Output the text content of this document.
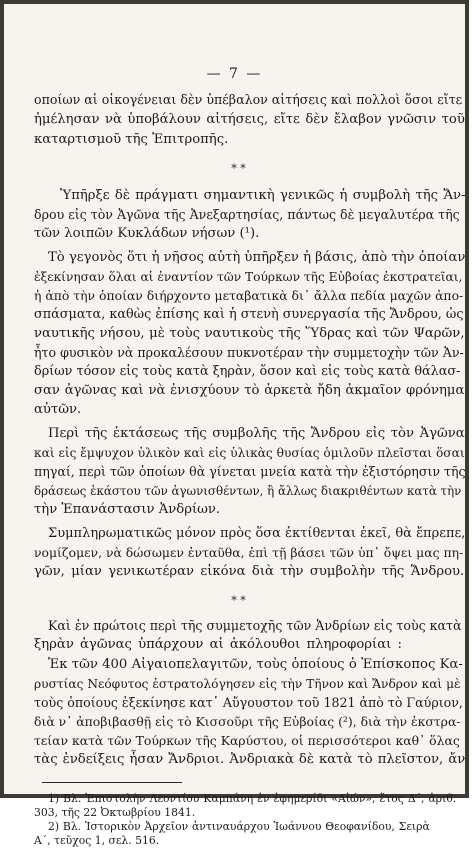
— 7 —
οποίων αἱ οἰκογένειαι δὲν ὑπέβαλον αἰτήσεις καὶ πολλοὶ ὅσοι εἴτε
ἠμέλησαν νὰ ὑποβάλουν αἰτήσεις, εἴτε δὲν ἔλαβον γνῶσιν τοῦ
καταρτισμοῦ τῆς Ἐπιτροπῆς.
* *
Ὑπῆρξε δὲ πράγματι σημαντικὴ γενικῶς ἡ συμβολὴ τῆς Ἄν-
δρου εἰς τὸν Ἀγῶνα τῆς Ἀνεξαρτησίας, πάντως δὲ μεγαλυτέρα τῆς
τῶν λοιπῶν Κυκλάδων νήσων (¹).
Τὸ γεγονὸς ὅτι ἡ νῆσος αὐτὴ ὑπῆρξεν ἡ βάσις, ἀπὸ τὴν ὁποίαν
ἐξεκίνησαν ὅλαι αἱ ἐναντίον τῶν Τούρκων τῆς Εὐβοίας ἐκστρατεῖαι,
ἡ ἀπὸ τὴν ὁποίαν διήρχοντο μεταβατικὰ δι᾽ ἄλλα πεδία μαχῶν ἀπο-
σπάσματα, καθὼς ἐπίσης καὶ ἡ στενὴ συνεργασία τῆς Ἄνδρου, ὡς
ναυτικῆς νήσου, μὲ τοὺς ναυτικοὺς τῆς Ὕδρας καὶ τῶν Ψαρῶν,
ἦτο φυσικὸν νὰ προκαλέσουν πυκνοτέραν τὴν συμμετοχὴν τῶν Ἀν-
δρίων τόσον εἰς τοὺς κατὰ ξηρὰν, ὅσον καὶ εἰς τοὺς κατὰ θάλασ-
σαν ἀγῶνας καὶ νὰ ἐνισχύουν τὸ ἀρκετὰ ἤδη ἀκμαῖον φρόνημα
αὐτῶν.
Περὶ τῆς ἐκτάσεως τῆς συμβολῆς τῆς Ἄνδρου εἰς τὸν Ἀγῶνα
καὶ εἰς ἔμψυχον ὑλικὸν καὶ εἰς ὑλικὰς θυσίας ὁμιλοῦν πλεῖσται ὅσαι
πηγαί, περὶ τῶν ὁποίων θὰ γίνεται μνεία κατὰ τὴν ἐξιστόρησιν τῆς
δράσεως ἑκάστου τῶν ἀγωνισθέντων, ἢ ἄλλως διακριθέντων κατὰ τὴν
τὴν Ἐπανάστασιν Ἀνδρίων.
Συμπληρωματικῶς μόνον πρὸς ὅσα ἐκτίθενται ἐκεῖ, θὰ ἔπρεπε,
νομίζομεν, νὰ δώσωμεν ἐνταῦθα, ἐπὶ τῇ βάσει τῶν ὑπ᾽ ὄψει μας πη-
γῶν, μίαν γενικωτέραν εἰκόνα διὰ τὴν συμβολὴν τῆς Ἄνδρου.
* *
Καὶ ἐν πρώτοις περὶ τῆς συμμετοχῆς τῶν Ἀνδρίων εἰς τοὺς κατὰ
ξηρὰν ἀγῶνας ὑπάρχουν αἱ ἀκόλουθοι πληροφορίαι :
Ἐκ τῶν 400 Αἰγαιοπελαγιτῶν, τοὺς ὁποίους ὁ Ἐπίσκοπος Κα-
ρυστίας Νεόφυτος ἐστρατολόγησεν εἰς τὴν Τῆνον καὶ Ἄνδρον καὶ μὲ
τοὺς ὁποίους ἐξεκίνησε κατ᾽ Αὔγουστον τοῦ 1821 ἀπὸ τὸ Γαύριον,
διὰ ν᾽ ἀποβιβασθῇ εἰς τὸ Κισσοῦρι τῆς Εὐβοίας (²), διὰ τὴν ἐκστρα-
τείαν κατὰ τῶν Τούρκων τῆς Καρύστου, οἱ περισσότεροι καθ᾽ ὅλας
τὰς ἐνδείξεις ἦσαν Ἄνδριοι. Ἀνδριακὰ δὲ κατὰ τὸ πλεῖστον, ἄν
1) Βλ. Ἐπιστολὴν Λεοντίου Καμπάνη ἐν ἐφημερίδι «Αἰών», ἔτος Δ´, ἀριθ.
303, τῆς 22 Ὀκτωβρίου 1841.
2) Βλ. Ἱστορικὸν Ἀρχεῖον ἀντιναυάρχου Ἰωάννου Θεοφανίδου, Σειρὰ
Α´, τεῦχος 1, σελ. 516.
